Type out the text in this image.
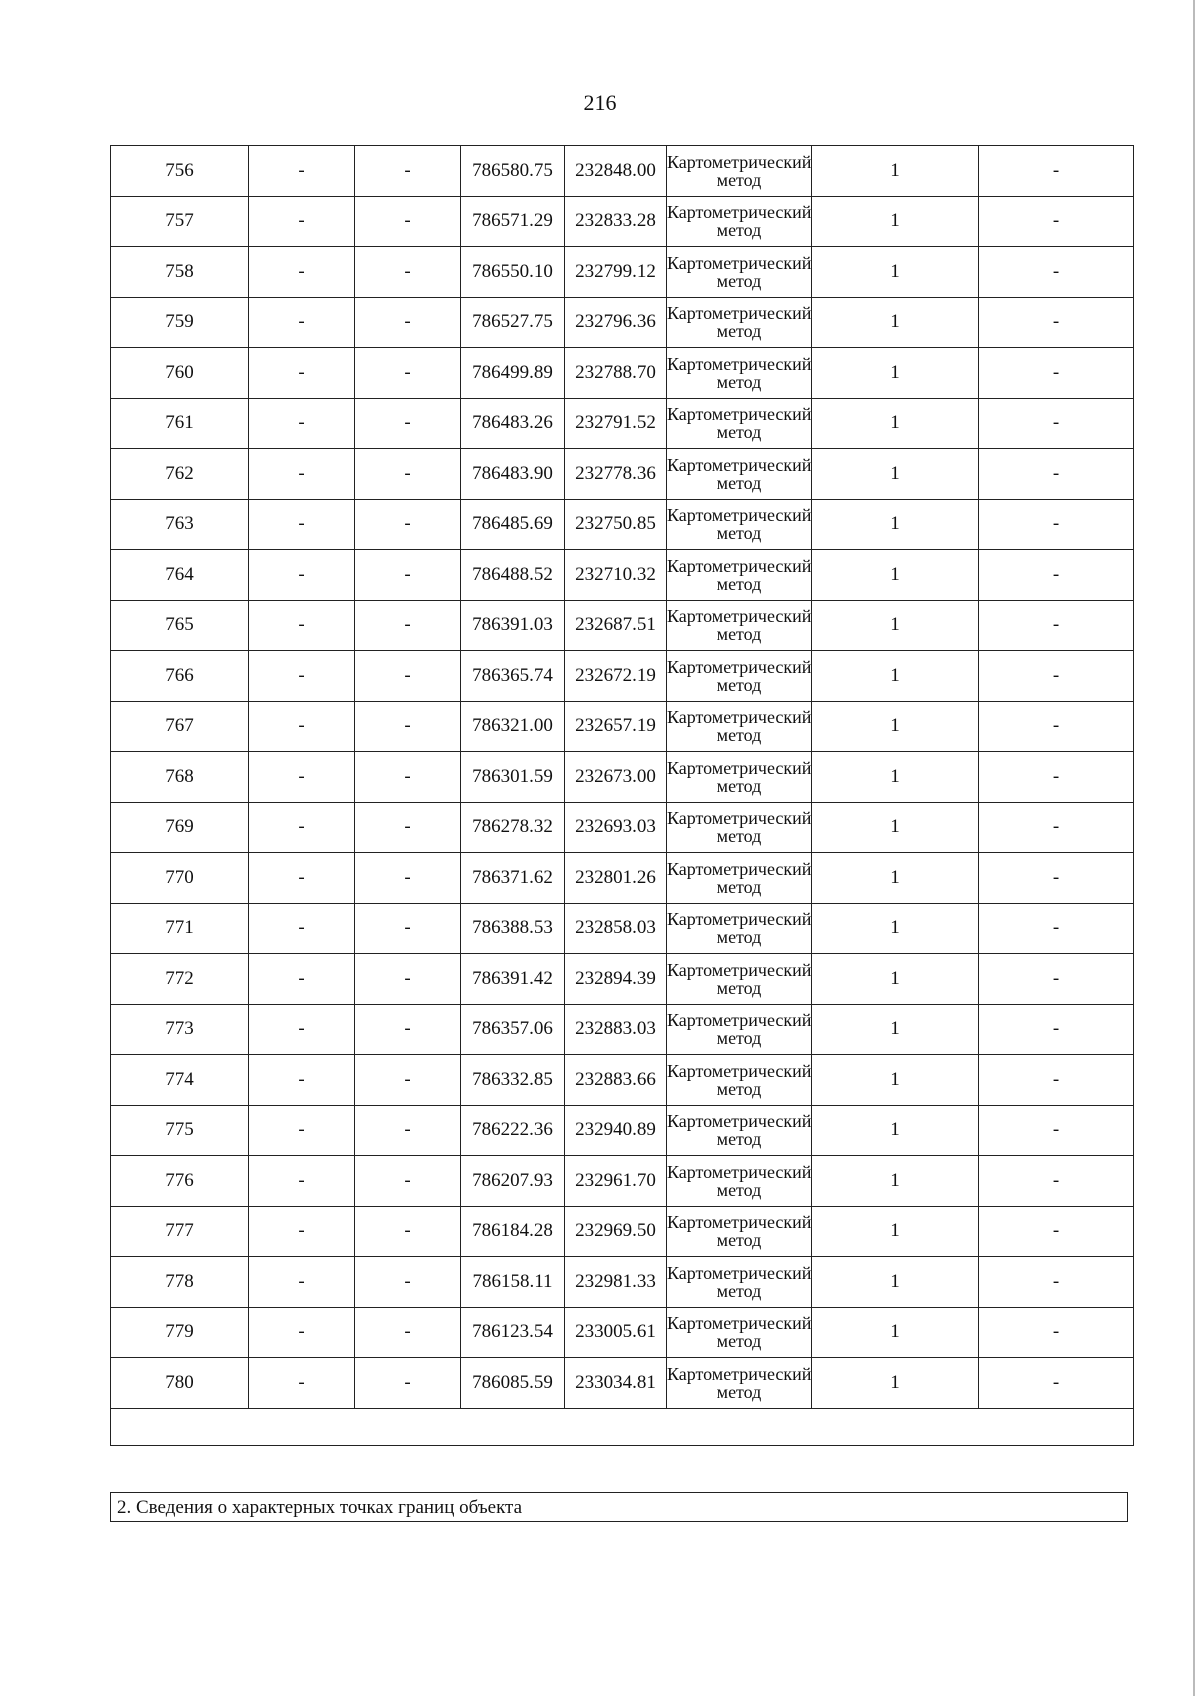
216
756	-	-	786580.75	232848.00	Картометрический метод	1	-
757	-	-	786571.29	232833.28	Картометрический метод	1	-
758	-	-	786550.10	232799.12	Картометрический метод	1	-
759	-	-	786527.75	232796.36	Картометрический метод	1	-
760	-	-	786499.89	232788.70	Картометрический метод	1	-
761	-	-	786483.26	232791.52	Картометрический метод	1	-
762	-	-	786483.90	232778.36	Картометрический метод	1	-
763	-	-	786485.69	232750.85	Картометрический метод	1	-
764	-	-	786488.52	232710.32	Картометрический метод	1	-
765	-	-	786391.03	232687.51	Картометрический метод	1	-
766	-	-	786365.74	232672.19	Картометрический метод	1	-
767	-	-	786321.00	232657.19	Картометрический метод	1	-
768	-	-	786301.59	232673.00	Картометрический метод	1	-
769	-	-	786278.32	232693.03	Картометрический метод	1	-
770	-	-	786371.62	232801.26	Картометрический метод	1	-
771	-	-	786388.53	232858.03	Картометрический метод	1	-
772	-	-	786391.42	232894.39	Картометрический метод	1	-
773	-	-	786357.06	232883.03	Картометрический метод	1	-
774	-	-	786332.85	232883.66	Картометрический метод	1	-
775	-	-	786222.36	232940.89	Картометрический метод	1	-
776	-	-	786207.93	232961.70	Картометрический метод	1	-
777	-	-	786184.28	232969.50	Картометрический метод	1	-
778	-	-	786158.11	232981.33	Картометрический метод	1	-
779	-	-	786123.54	233005.61	Картометрический метод	1	-
780	-	-	786085.59	233034.81	Картометрический метод	1	-

2. Сведения о характерных точках границ объекта
